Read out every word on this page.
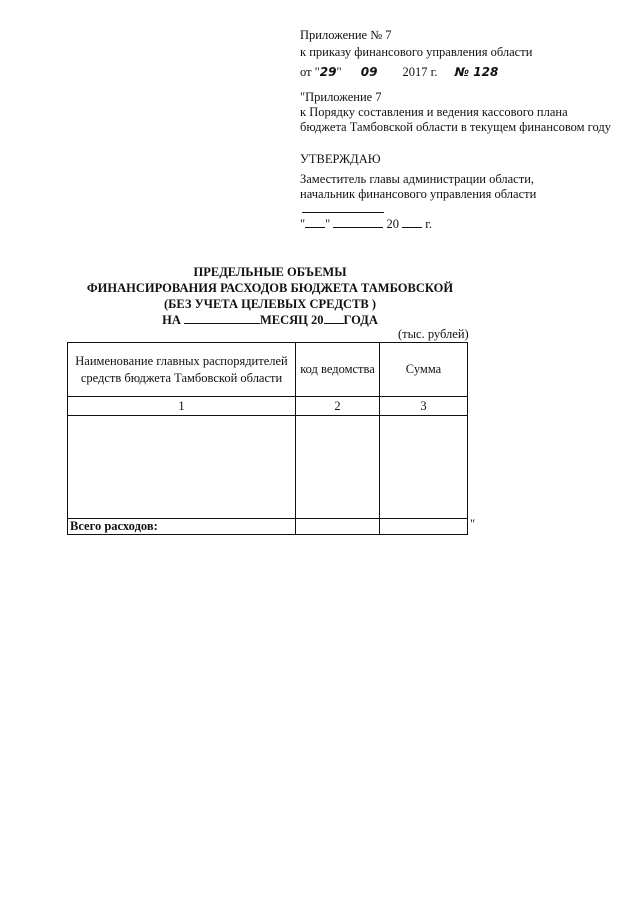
Приложение № 7
к приказу финансового управления области
от "29" 09 2017 г. № 128
"Приложение 7
к Порядку составления и ведения кассового плана
бюджета Тамбовской области в текущем финансовом году
УТВЕРЖДАЮ
Заместитель главы администрации области,
начальник финансового управления области
" "	20 г.
ПРЕДЕЛЬНЫЕ ОБЪЕМЫ
ФИНАНСИРОВАНИЯ РАСХОДОВ БЮДЖЕТА ТАМБОВСКОЙ
(БЕЗ УЧЕТА ЦЕЛЕВЫХ СРЕДСТВ )
НА	МЕСЯЦ 20 ГОДА
(тыс. рублей)
Наименование главных распорядителей средств бюджета Тамбовской области	код ведомства	Сумма
1	2	3

Всего расходов:			"
